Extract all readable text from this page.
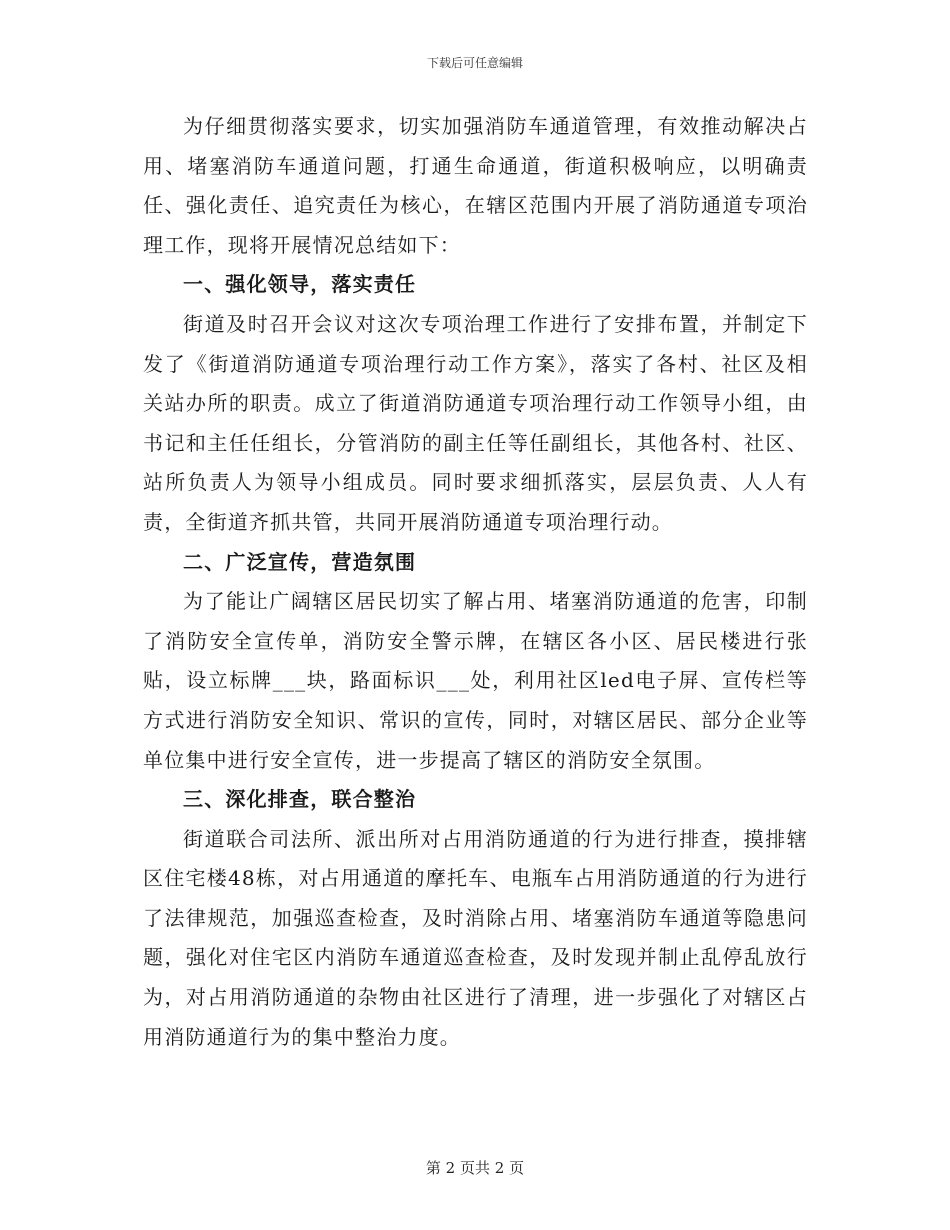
下载后可任意编辑

为仔细贯彻落实要求，切实加强消防车通道管理，有效推动解决占用、堵塞消防车通道问题，打通生命通道，街道积极响应，以明确责任、强化责任、追究责任为核心，在辖区范围内开展了消防通道专项治理工作，现将开展情况总结如下：

一、强化领导，落实责任

街道及时召开会议对这次专项治理工作进行了安排布置，并制定下发了《街道消防通道专项治理行动工作方案》，落实了各村、社区及相关站办所的职责。成立了街道消防通道专项治理行动工作领导小组，由书记和主任任组长，分管消防的副主任等任副组长，其他各村、社区、站所负责人为领导小组成员。同时要求细抓落实，层层负责、人人有责，全街道齐抓共管，共同开展消防通道专项治理行动。

二、广泛宣传，营造氛围

为了能让广阔辖区居民切实了解占用、堵塞消防通道的危害，印制了消防安全宣传单，消防安全警示牌，在辖区各小区、居民楼进行张贴，设立标牌___块，路面标识___处，利用社区led电子屏、宣传栏等方式进行消防安全知识、常识的宣传，同时，对辖区居民、部分企业等单位集中进行安全宣传，进一步提高了辖区的消防安全氛围。

三、深化排查，联合整治

街道联合司法所、派出所对占用消防通道的行为进行排查，摸排辖区住宅楼48栋，对占用通道的摩托车、电瓶车占用消防通道的行为进行了法律规范，加强巡查检查，及时消除占用、堵塞消防车通道等隐患问题，强化对住宅区内消防车通道巡查检查，及时发现并制止乱停乱放行为，对占用消防通道的杂物由社区进行了清理，进一步强化了对辖区占用消防通道行为的集中整治力度。

第 2 页共 2 页
